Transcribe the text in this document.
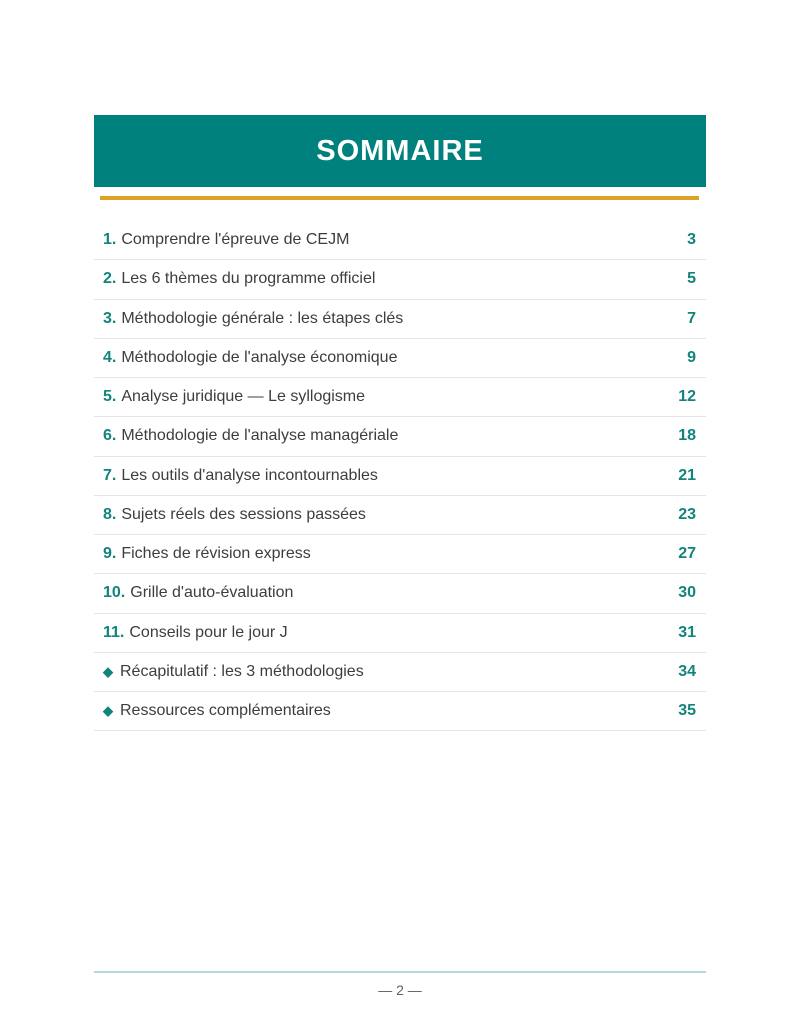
SOMMAIRE
1. Comprendre l'épreuve de CEJM	3
2. Les 6 thèmes du programme officiel	5
3. Méthodologie générale : les étapes clés	7
4. Méthodologie de l'analyse économique	9
5. Analyse juridique — Le syllogisme	12
6. Méthodologie de l'analyse managériale	18
7. Les outils d'analyse incontournables	21
8. Sujets réels des sessions passées	23
9. Fiches de révision express	27
10. Grille d'auto-évaluation	30
11. Conseils pour le jour J	31
◆ Récapitulatif : les 3 méthodologies	34
◆ Ressources complémentaires	35
— 2 —
